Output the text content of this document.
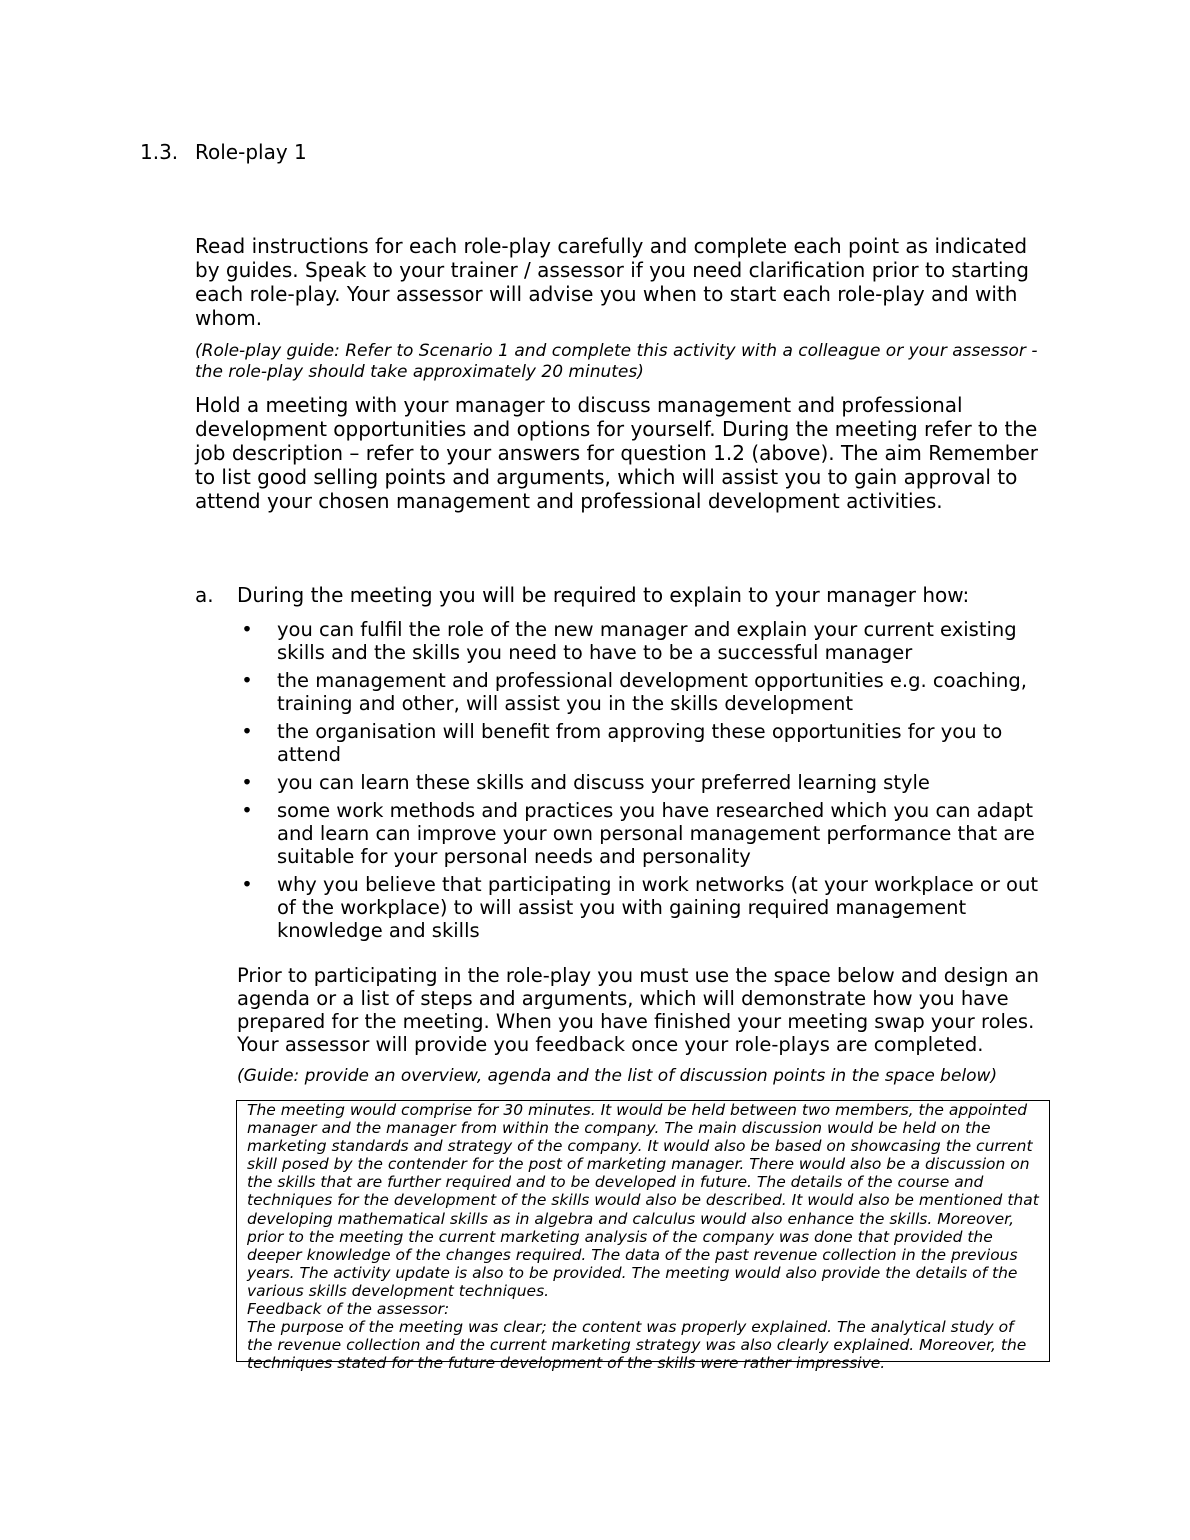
1.3. Role-play 1
Read instructions for each role-play carefully and complete each point as indicated by guides. Speak to your trainer / assessor if you need clarification prior to starting each role-play. Your assessor will advise you when to start each role-play and with whom.
(Role-play guide: Refer to Scenario 1 and complete this activity with a colleague or your assessor - the role-play should take approximately 20 minutes)
Hold a meeting with your manager to discuss management and professional development opportunities and options for yourself. During the meeting refer to the job description – refer to your answers for question 1.2 (above). The aim Remember to list good selling points and arguments, which will assist you to gain approval to attend your chosen management and professional development activities.
a. During the meeting you will be required to explain to your manager how:
• you can fulfil the role of the new manager and explain your current existing skills and the skills you need to have to be a successful manager
• the management and professional development opportunities e.g. coaching, training and other, will assist you in the skills development
• the organisation will benefit from approving these opportunities for you to attend
• you can learn these skills and discuss your preferred learning style
• some work methods and practices you have researched which you can adapt and learn can improve your own personal management performance that are suitable for your personal needs and personality
• why you believe that participating in work networks (at your workplace or out of the workplace) to will assist you with gaining required management knowledge and skills
Prior to participating in the role-play you must use the space below and design an agenda or a list of steps and arguments, which will demonstrate how you have prepared for the meeting. When you have finished your meeting swap your roles. Your assessor will provide you feedback once your role-plays are completed.
(Guide: provide an overview, agenda and the list of discussion points in the space below)
The meeting would comprise for 30 minutes. It would be held between two members, the appointed manager and the manager from within the company. The main discussion would be held on the marketing standards and strategy of the company. It would also be based on showcasing the current skill posed by the contender for the post of marketing manager. There would also be a discussion on the skills that are further required and to be developed in future. The details of the course and techniques for the development of the skills would also be described. It would also be mentioned that developing mathematical skills as in algebra and calculus would also enhance the skills. Moreover, prior to the meeting the current marketing analysis of the company was done that provided the deeper knowledge of the changes required. The data of the past revenue collection in the previous years. The activity update is also to be provided. The meeting would also provide the details of the various skills development techniques.
Feedback of the assessor:
The purpose of the meeting was clear; the content was properly explained. The analytical study of the revenue collection and the current marketing strategy was also clearly explained. Moreover, the techniques stated for the future development of the skills were rather impressive.
